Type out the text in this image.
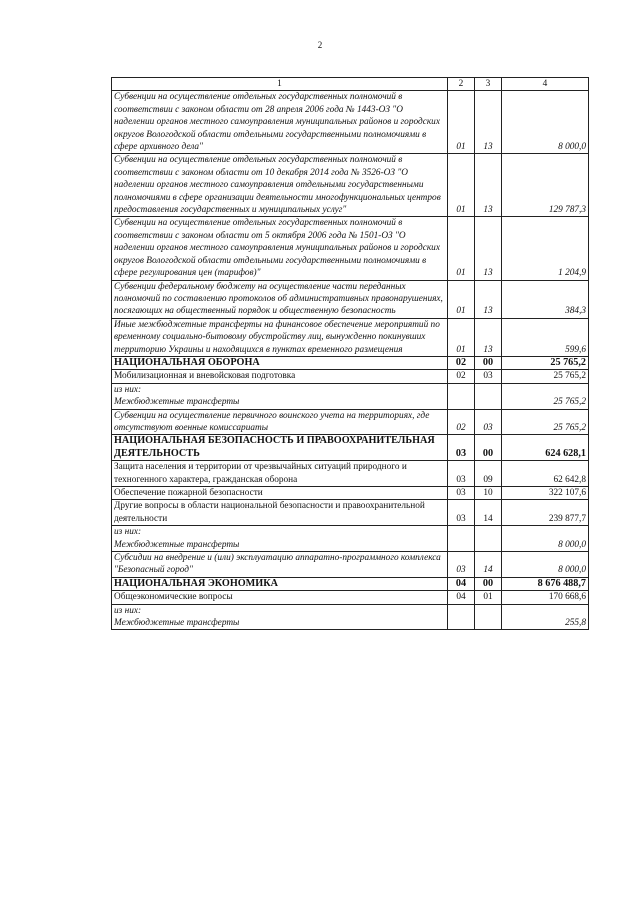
2
1	2	3	4
Субвенции на осуществление отдельных государственных полномочий в соответствии с законом области от 28 апреля 2006 года № 1443-ОЗ "О наделении органов местного самоуправления муниципальных районов и городских округов Вологодской области отдельными государственными полномочиями в сфере архивного дела"	01	13	8 000,0
Субвенции на осуществление отдельных государственных полномочий в соответствии с законом области от 10 декабря 2014 года № 3526-ОЗ "О наделении органов местного самоуправления отдельными государственными полномочиями в сфере организации деятельности многофункциональных центров предоставления государственных и муниципальных услуг"	01	13	129 787,3
Субвенции на осуществление отдельных государственных полномочий в соответствии с законом области от 5 октября 2006 года № 1501-ОЗ "О наделении органов местного самоуправления муниципальных районов и городских округов Вологодской области отдельными государственными полномочиями в сфере регулирования цен (тарифов)"	01	13	1 204,9
Субвенции федеральному бюджету на осуществление части переданных полномочий по составлению протоколов об административных правонарушениях, посягающих на общественный порядок и общественную безопасность	01	13	384,3
Иные межбюджетные трансферты на финансовое обеспечение мероприятий по временному социально-бытовому обустройству лиц, вынужденно покинувших территорию Украины и находящихся в пунктах временного размещения	01	13	599,6
НАЦИОНАЛЬНАЯ ОБОРОНА	02	00	25 765,2
Мобилизационная и вневойсковая подготовка	02	03	25 765,2
из них:
Межбюджетные трансферты			25 765,2
Субвенции на осуществление первичного воинского учета на территориях, где отсутствуют военные комиссариаты	02	03	25 765,2
НАЦИОНАЛЬНАЯ БЕЗОПАСНОСТЬ И ПРАВООХРАНИТЕЛЬНАЯ ДЕЯТЕЛЬНОСТЬ	03	00	624 628,1
Защита населения и территории от чрезвычайных ситуаций природного и техногенного характера, гражданская оборона	03	09	62 642,8
Обеспечение пожарной безопасности	03	10	322 107,6
Другие вопросы в области национальной безопасности и правоохранительной деятельности	03	14	239 877,7
из них:
Межбюджетные трансферты			8 000,0
Субсидии на внедрение и (или) эксплуатацию аппаратно-программного комплекса "Безопасный город"	03	14	8 000,0
НАЦИОНАЛЬНАЯ ЭКОНОМИКА	04	00	8 676 488,7
Общеэкономические вопросы	04	01	170 668,6
из них:
Межбюджетные трансферты			255,8
